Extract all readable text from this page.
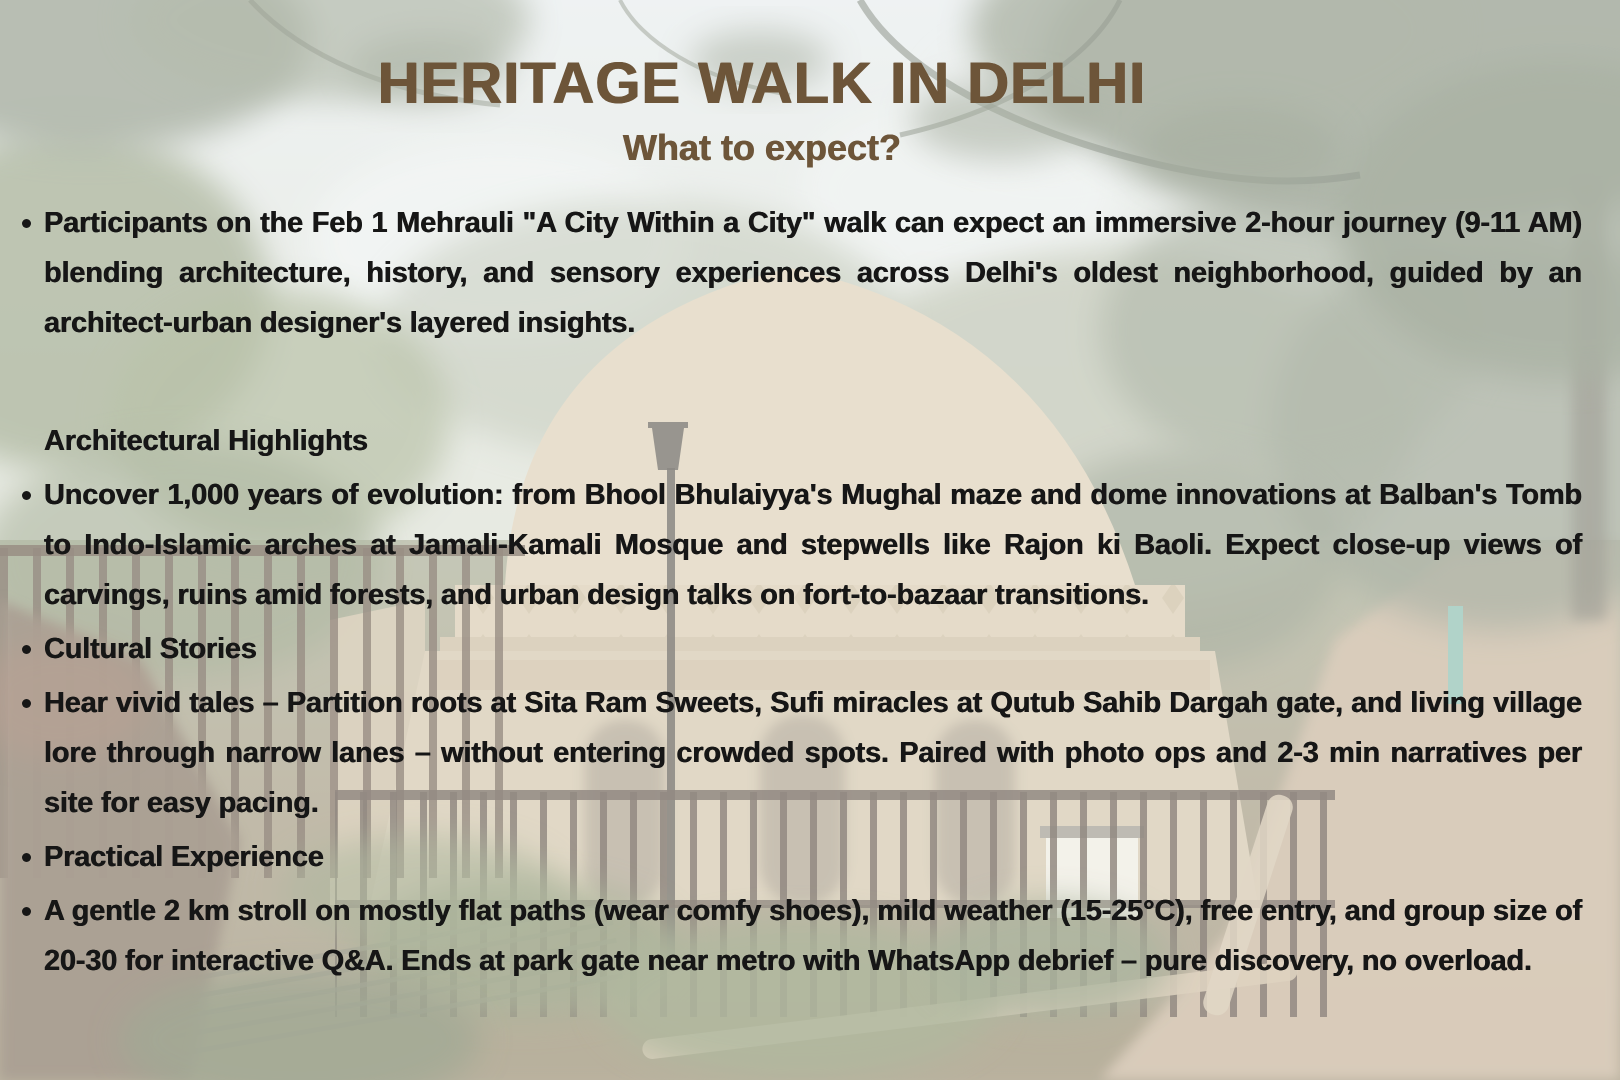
HERITAGE WALK IN DELHI
What to expect?
Participants on the Feb 1 Mehrauli "A City Within a City" walk can expect an immersive 2-hour journey (9-11 AM) blending architecture, history, and sensory experiences across Delhi's oldest neighborhood, guided by an architect-urban designer's layered insights.
Architectural Highlights
Uncover 1,000 years of evolution: from Bhool Bhulaiyya's Mughal maze and dome innovations at Balban's Tomb to Indo-Islamic arches at Jamali-Kamali Mosque and stepwells like Rajon ki Baoli. Expect close-up views of carvings, ruins amid forests, and urban design talks on fort-to-bazaar transitions.
Cultural Stories
Hear vivid tales – Partition roots at Sita Ram Sweets, Sufi miracles at Qutub Sahib Dargah gate, and living village lore through narrow lanes – without entering crowded spots. Paired with photo ops and 2-3 min narratives per site for easy pacing.
Practical Experience
A gentle 2 km stroll on mostly flat paths (wear comfy shoes), mild weather (15-25°C), free entry, and group size of 20-30 for interactive Q&A. Ends at park gate near metro with WhatsApp debrief – pure discovery, no overload.
